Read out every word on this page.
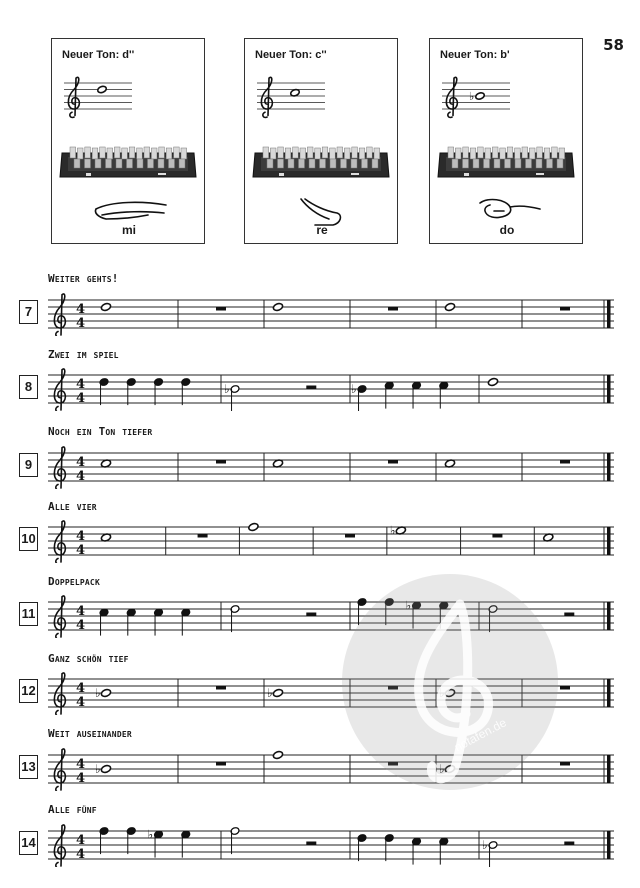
58
Neuer Ton: d''
mi
Neuer Ton: c''
re
Neuer Ton: b'
♭
do
Weiter gehts!
7	4
4
Zwei im spiel
8	4
4
♭	♭
Noch ein Ton tiefer
9	4
4
Alle vier
10	4
4
♭
Doppelpack
11	4
4
♭
Ganz schön tief
12	4
4
♭	♭	♭
Weit auseinander
13	4
4
♭	♭
Alle fünf
14	4
4
♭
♭
notafen.de
